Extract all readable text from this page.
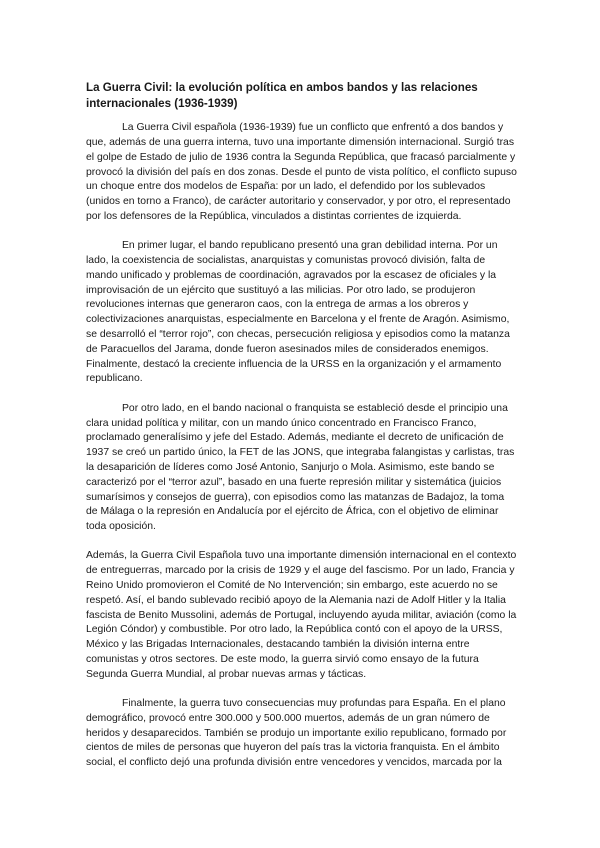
La Guerra Civil: la evolución política en ambos bandos y las relaciones internacionales (1936-1939)

La Guerra Civil española (1936-1939) fue un conflicto que enfrentó a dos bandos y que, además de una guerra interna, tuvo una importante dimensión internacional. Surgió tras el golpe de Estado de julio de 1936 contra la Segunda República, que fracasó parcialmente y provocó la división del país en dos zonas. Desde el punto de vista político, el conflicto supuso un choque entre dos modelos de España: por un lado, el defendido por los sublevados (unidos en torno a Franco), de carácter autoritario y conservador, y por otro, el representado por los defensores de la República, vinculados a distintas corrientes de izquierda.

En primer lugar, el bando republicano presentó una gran debilidad interna. Por un lado, la coexistencia de socialistas, anarquistas y comunistas provocó división, falta de mando unificado y problemas de coordinación, agravados por la escasez de oficiales y la improvisación de un ejército que sustituyó a las milicias. Por otro lado, se produjeron revoluciones internas que generaron caos, con la entrega de armas a los obreros y colectivizaciones anarquistas, especialmente en Barcelona y el frente de Aragón. Asimismo, se desarrolló el “terror rojo”, con checas, persecución religiosa y episodios como la matanza de Paracuellos del Jarama, donde fueron asesinados miles de considerados enemigos. Finalmente, destacó la creciente influencia de la URSS en la organización y el armamento republicano.

Por otro lado, en el bando nacional o franquista se estableció desde el principio una clara unidad política y militar, con un mando único concentrado en Francisco Franco, proclamado generalísimo y jefe del Estado. Además, mediante el decreto de unificación de 1937 se creó un partido único, la FET de las JONS, que integraba falangistas y carlistas, tras la desaparición de líderes como José Antonio, Sanjurjo o Mola. Asimismo, este bando se caracterizó por el “terror azul”, basado en una fuerte represión militar y sistemática (juicios sumarísimos y consejos de guerra), con episodios como las matanzas de Badajoz, la toma de Málaga o la represión en Andalucía por el ejército de África, con el objetivo de eliminar toda oposición.

Además, la Guerra Civil Española tuvo una importante dimensión internacional en el contexto de entreguerras, marcado por la crisis de 1929 y el auge del fascismo. Por un lado, Francia y Reino Unido promovieron el Comité de No Intervención; sin embargo, este acuerdo no se respetó. Así, el bando sublevado recibió apoyo de la Alemania nazi de Adolf Hitler y la Italia fascista de Benito Mussolini, además de Portugal, incluyendo ayuda militar, aviación (como la Legión Cóndor) y combustible. Por otro lado, la República contó con el apoyo de la URSS, México y las Brigadas Internacionales, destacando también la división interna entre comunistas y otros sectores. De este modo, la guerra sirvió como ensayo de la futura Segunda Guerra Mundial, al probar nuevas armas y tácticas.

Finalmente, la guerra tuvo consecuencias muy profundas para España. En el plano demográfico, provocó entre 300.000 y 500.000 muertos, además de un gran número de heridos y desaparecidos. También se produjo un importante exilio republicano, formado por cientos de miles de personas que huyeron del país tras la victoria franquista. En el ámbito social, el conflicto dejó una profunda división entre vencedores y vencidos, marcada por la
